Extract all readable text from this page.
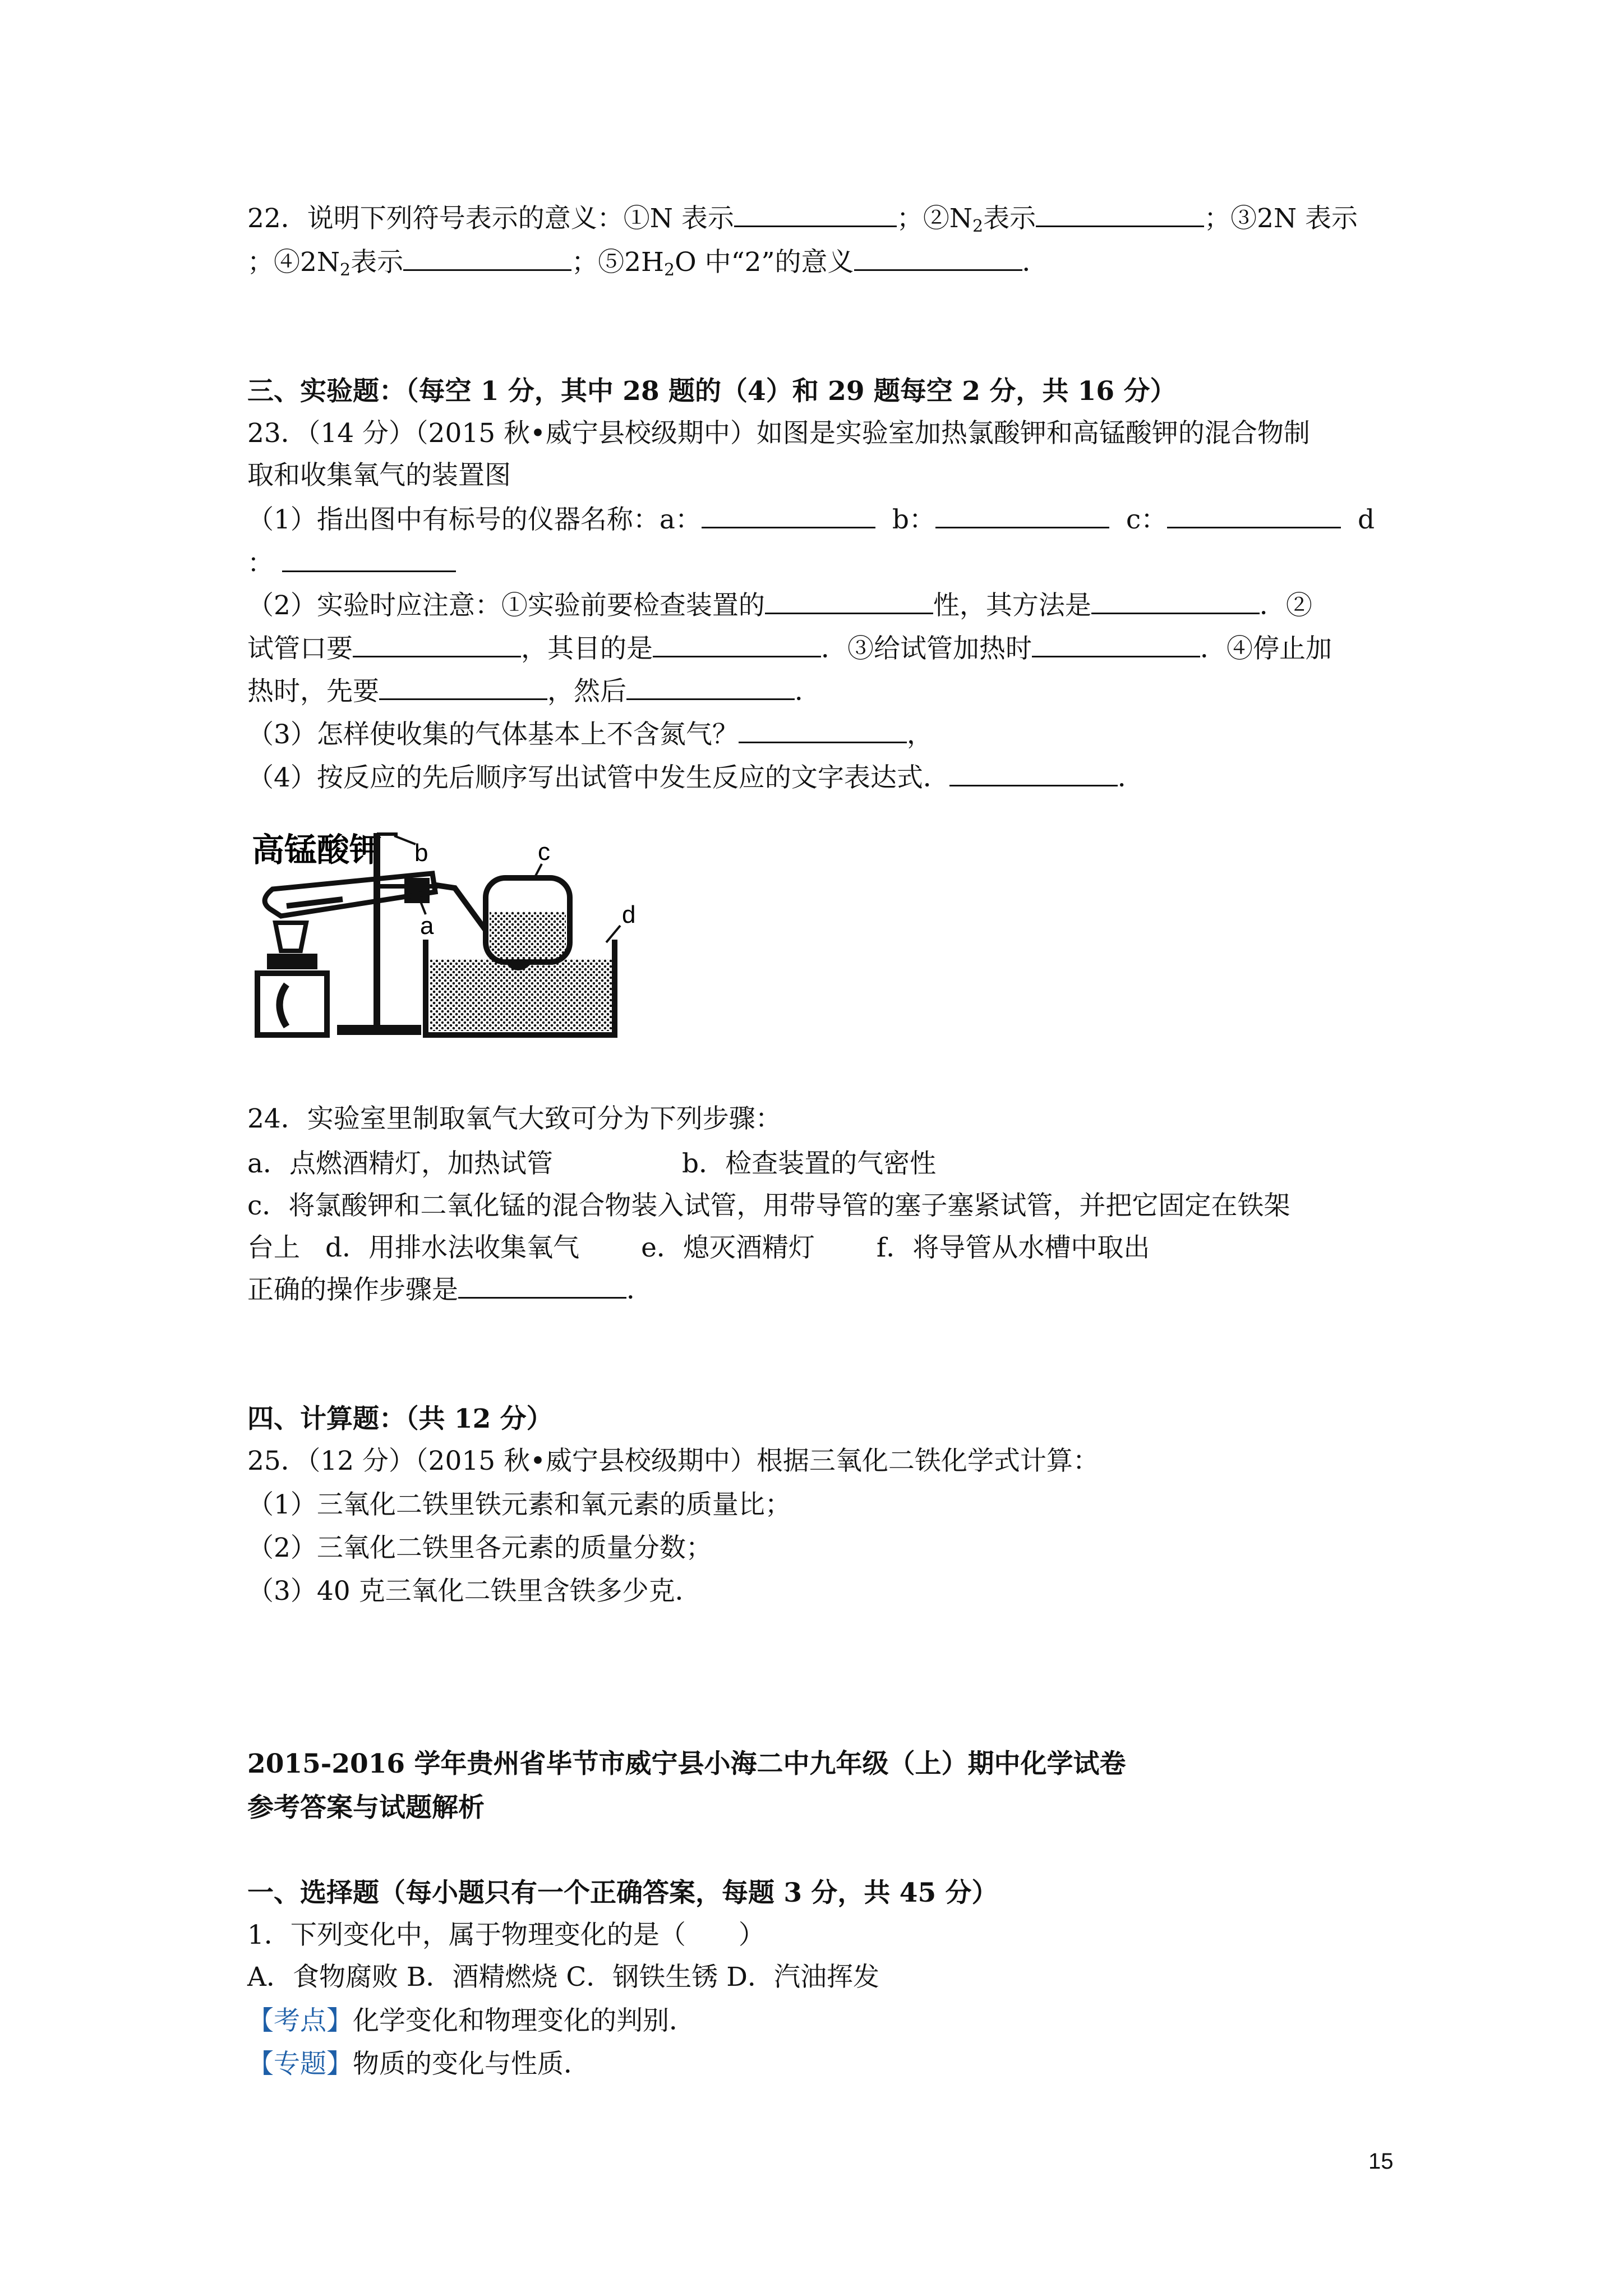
22．说明下列符号表示的意义：①N 表示	；$②N_2$表示	；③2N 表示
；$④2N_2$表示	；$⑤2H_2O$ 中“2”的意义	．
三、实验题：（每空 1 分，其中 28 题的（4）和 29 题每空 2 分，共 16 分）
23．（14 分）（2015 秋•威宁县校级期中）如图是实验室加热氯酸钾和高锰酸钾的混合物制
取和收集氧气的装置图
（1）指出图中有标号的仪器名称：a：	b：	c：	d
：
（2）实验时应注意：①实验前要检查装置的	性，其方法是	．②
试管口要	，其目的是	．③给试管加热时	．④停止加
热时，先要	，然后	．
（3）怎样使收集的气体基本上不含氮气？	，
（4）按反应的先后顺序写出试管中发生反应的文字表达式．	．
高锰酸钾 b
a
c
d
24．实验室里制取氧气大致可分为下列步骤：
a．点燃酒精灯，加热试管	b．检查装置的气密性
c．将氯酸钾和二氧化锰的混合物装入试管，用带导管的塞子塞紧试管，并把它固定在铁架
台上 d．用排水法收集氧气 e．熄灭酒精灯 f．将导管从水槽中取出
正确的操作步骤是	．
四、计算题：（共 12 分）
25．（12 分）（2015 秋•威宁县校级期中）根据三氧化二铁化学式计算：
（1）三氧化二铁里铁元素和氧元素的质量比；
（2）三氧化二铁里各元素的质量分数；
（3）40 克三氧化二铁里含铁多少克．
2015-2016 学年贵州省毕节市威宁县小海二中九年级（上）期中化学试卷
参考答案与试题解析
一、选择题（每小题只有一个正确答案，每题 3 分，共 45 分）
1．下列变化中，属于物理变化的是（　　）
A．食物腐败 B．酒精燃烧 C．钢铁生锈 D．汽油挥发
【考点】化学变化和物理变化的判别．
【专题】物质的变化与性质．
15
